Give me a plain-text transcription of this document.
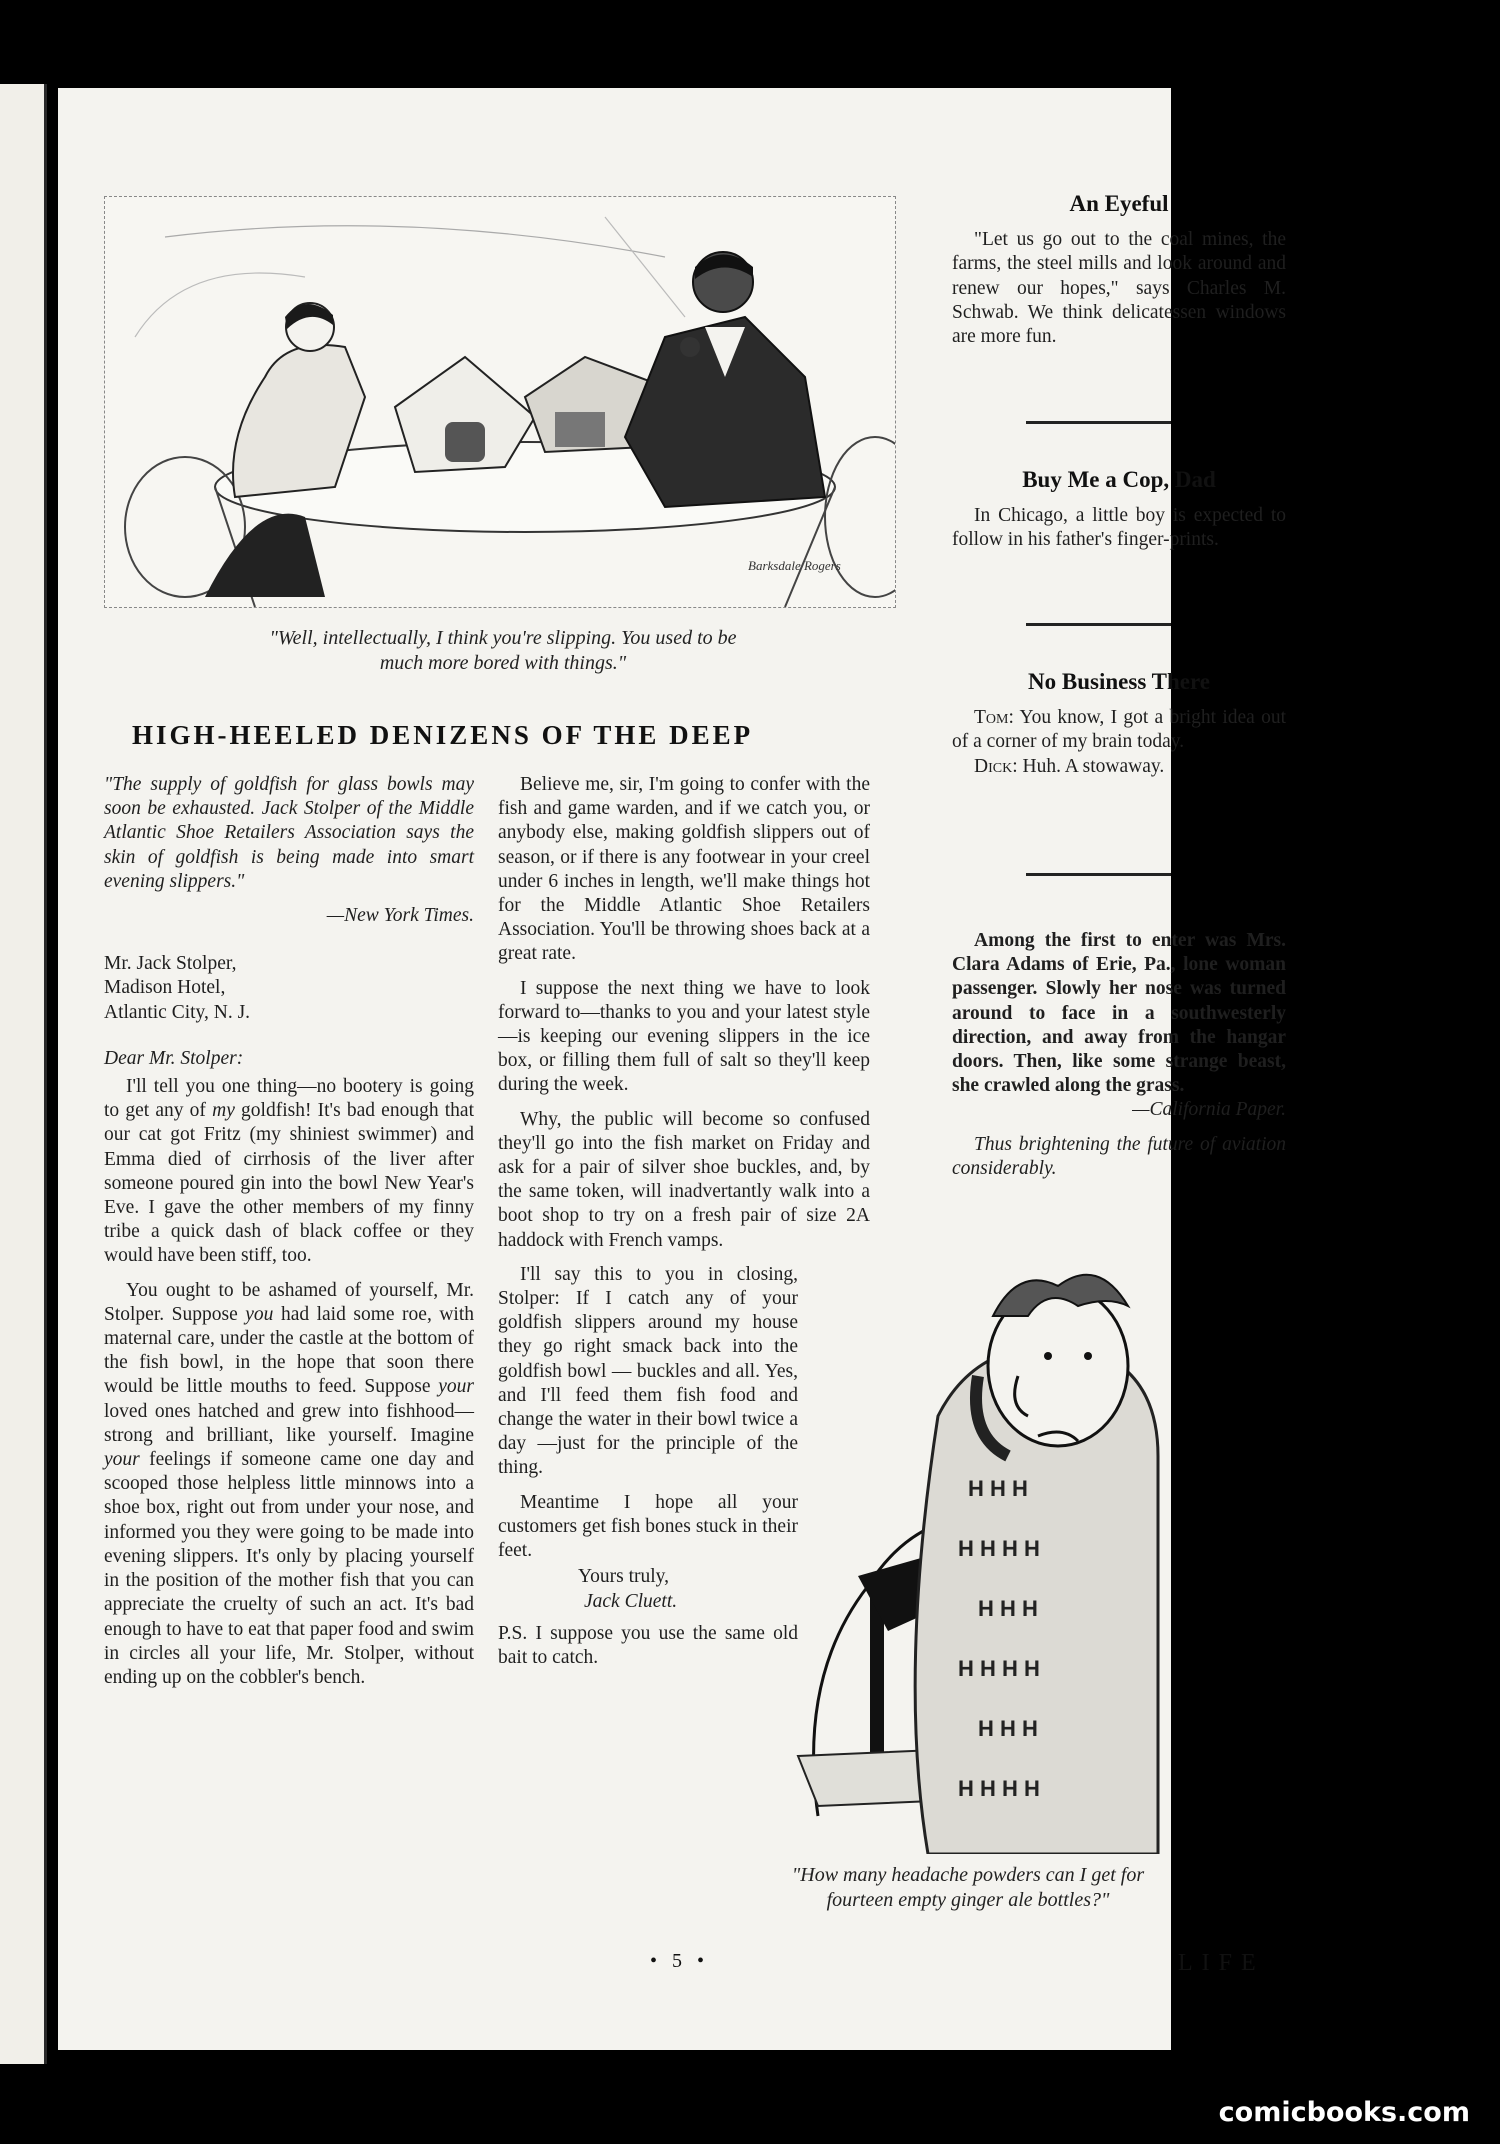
Barksdale Rogers
"Well, intellectually, I think you're slipping. You used to be
much more bored with things."
HIGH-HEELED DENIZENS OF THE DEEP

"The supply of goldfish for glass bowls may soon be exhausted. Jack Stolper of the Middle Atlantic Shoe Retailers Association says the skin of goldfish is being made into smart evening slippers."

—New York Times.

Mr. Jack Stolper,
Madison Hotel,
Atlantic City, N. J.

Dear Mr. Stolper:

I'll tell you one thing—no bootery is going to get any of my goldfish! It's bad enough that our cat got Fritz (my shiniest swimmer) and Emma died of cirrhosis of the liver after someone poured gin into the bowl New Year's Eve. I gave the other members of my finny tribe a quick dash of black coffee or they would have been stiff, too.

You ought to be ashamed of yourself, Mr. Stolper. Suppose you had laid some roe, with maternal care, under the castle at the bottom of the fish bowl, in the hope that soon there would be little mouths to feed. Suppose your loved ones hatched and grew into fishhood—strong and brilliant, like yourself. Imagine your feelings if someone came one day and scooped those helpless little minnows into a shoe box, right out from under your nose, and informed you they were going to be made into evening slippers. It's only by placing yourself in the position of the mother fish that you can appreciate the cruelty of such an act. It's bad enough to have to eat that paper food and swim in circles all your life, Mr. Stolper, without ending up on the cobbler's bench.

Believe me, sir, I'm going to confer with the fish and game warden, and if we catch you, or anybody else, making goldfish slippers out of season, or if there is any footwear in your creel under 6 inches in length, we'll make things hot for the Middle Atlantic Shoe Retailers Association. You'll be throwing shoes back at a great rate.

I suppose the next thing we have to look forward to—thanks to you and your latest style—is keeping our evening slippers in the ice box, or filling them full of salt so they'll keep during the week.

Why, the public will become so confused they'll go into the fish market on Friday and ask for a pair of silver shoe buckles, and, by the same token, will inadvertantly walk into a boot shop to try on a fresh pair of size 2A haddock with French vamps.

I'll say this to you in closing, Stolper: If I catch any of your goldfish slippers around my house they go right smack back into the goldfish bowl — buckles and all. Yes, and I'll feed them fish food and change the water in their bowl twice a day —just for the principle of the thing.

Meantime I hope all your customers get fish bones stuck in their feet.

Yours truly,
Jack Cluett.

P.S. I suppose you use the same old bait to catch.

An Eyeful

"Let us go out to the coal mines, the farms, the steel mills and look around and renew our hopes," says Charles M. Schwab. We think delicatessen windows are more fun.

Buy Me a Cop, Dad

In Chicago, a little boy is expected to follow in his father's finger-prints.

No Business There

Tom: You know, I got a bright idea out of a corner of my brain today.

Dick: Huh. A stowaway.

Among the first to enter was Mrs. Clara Adams of Erie, Pa., lone woman passenger. Slowly her nose was turned around to face in a southwesterly direction, and away from the hangar doors. Then, like some strange beast, she crawled along the grass.

—California Paper.

Thus brightening the future of aviation considerably.

H H H
H H H H
H H H
H H H H
H H H
H H H H
"How many headache powders can I get for
fourteen empty ginger ale bottles?"
• 5 •	LIFE
comicbooks.com
